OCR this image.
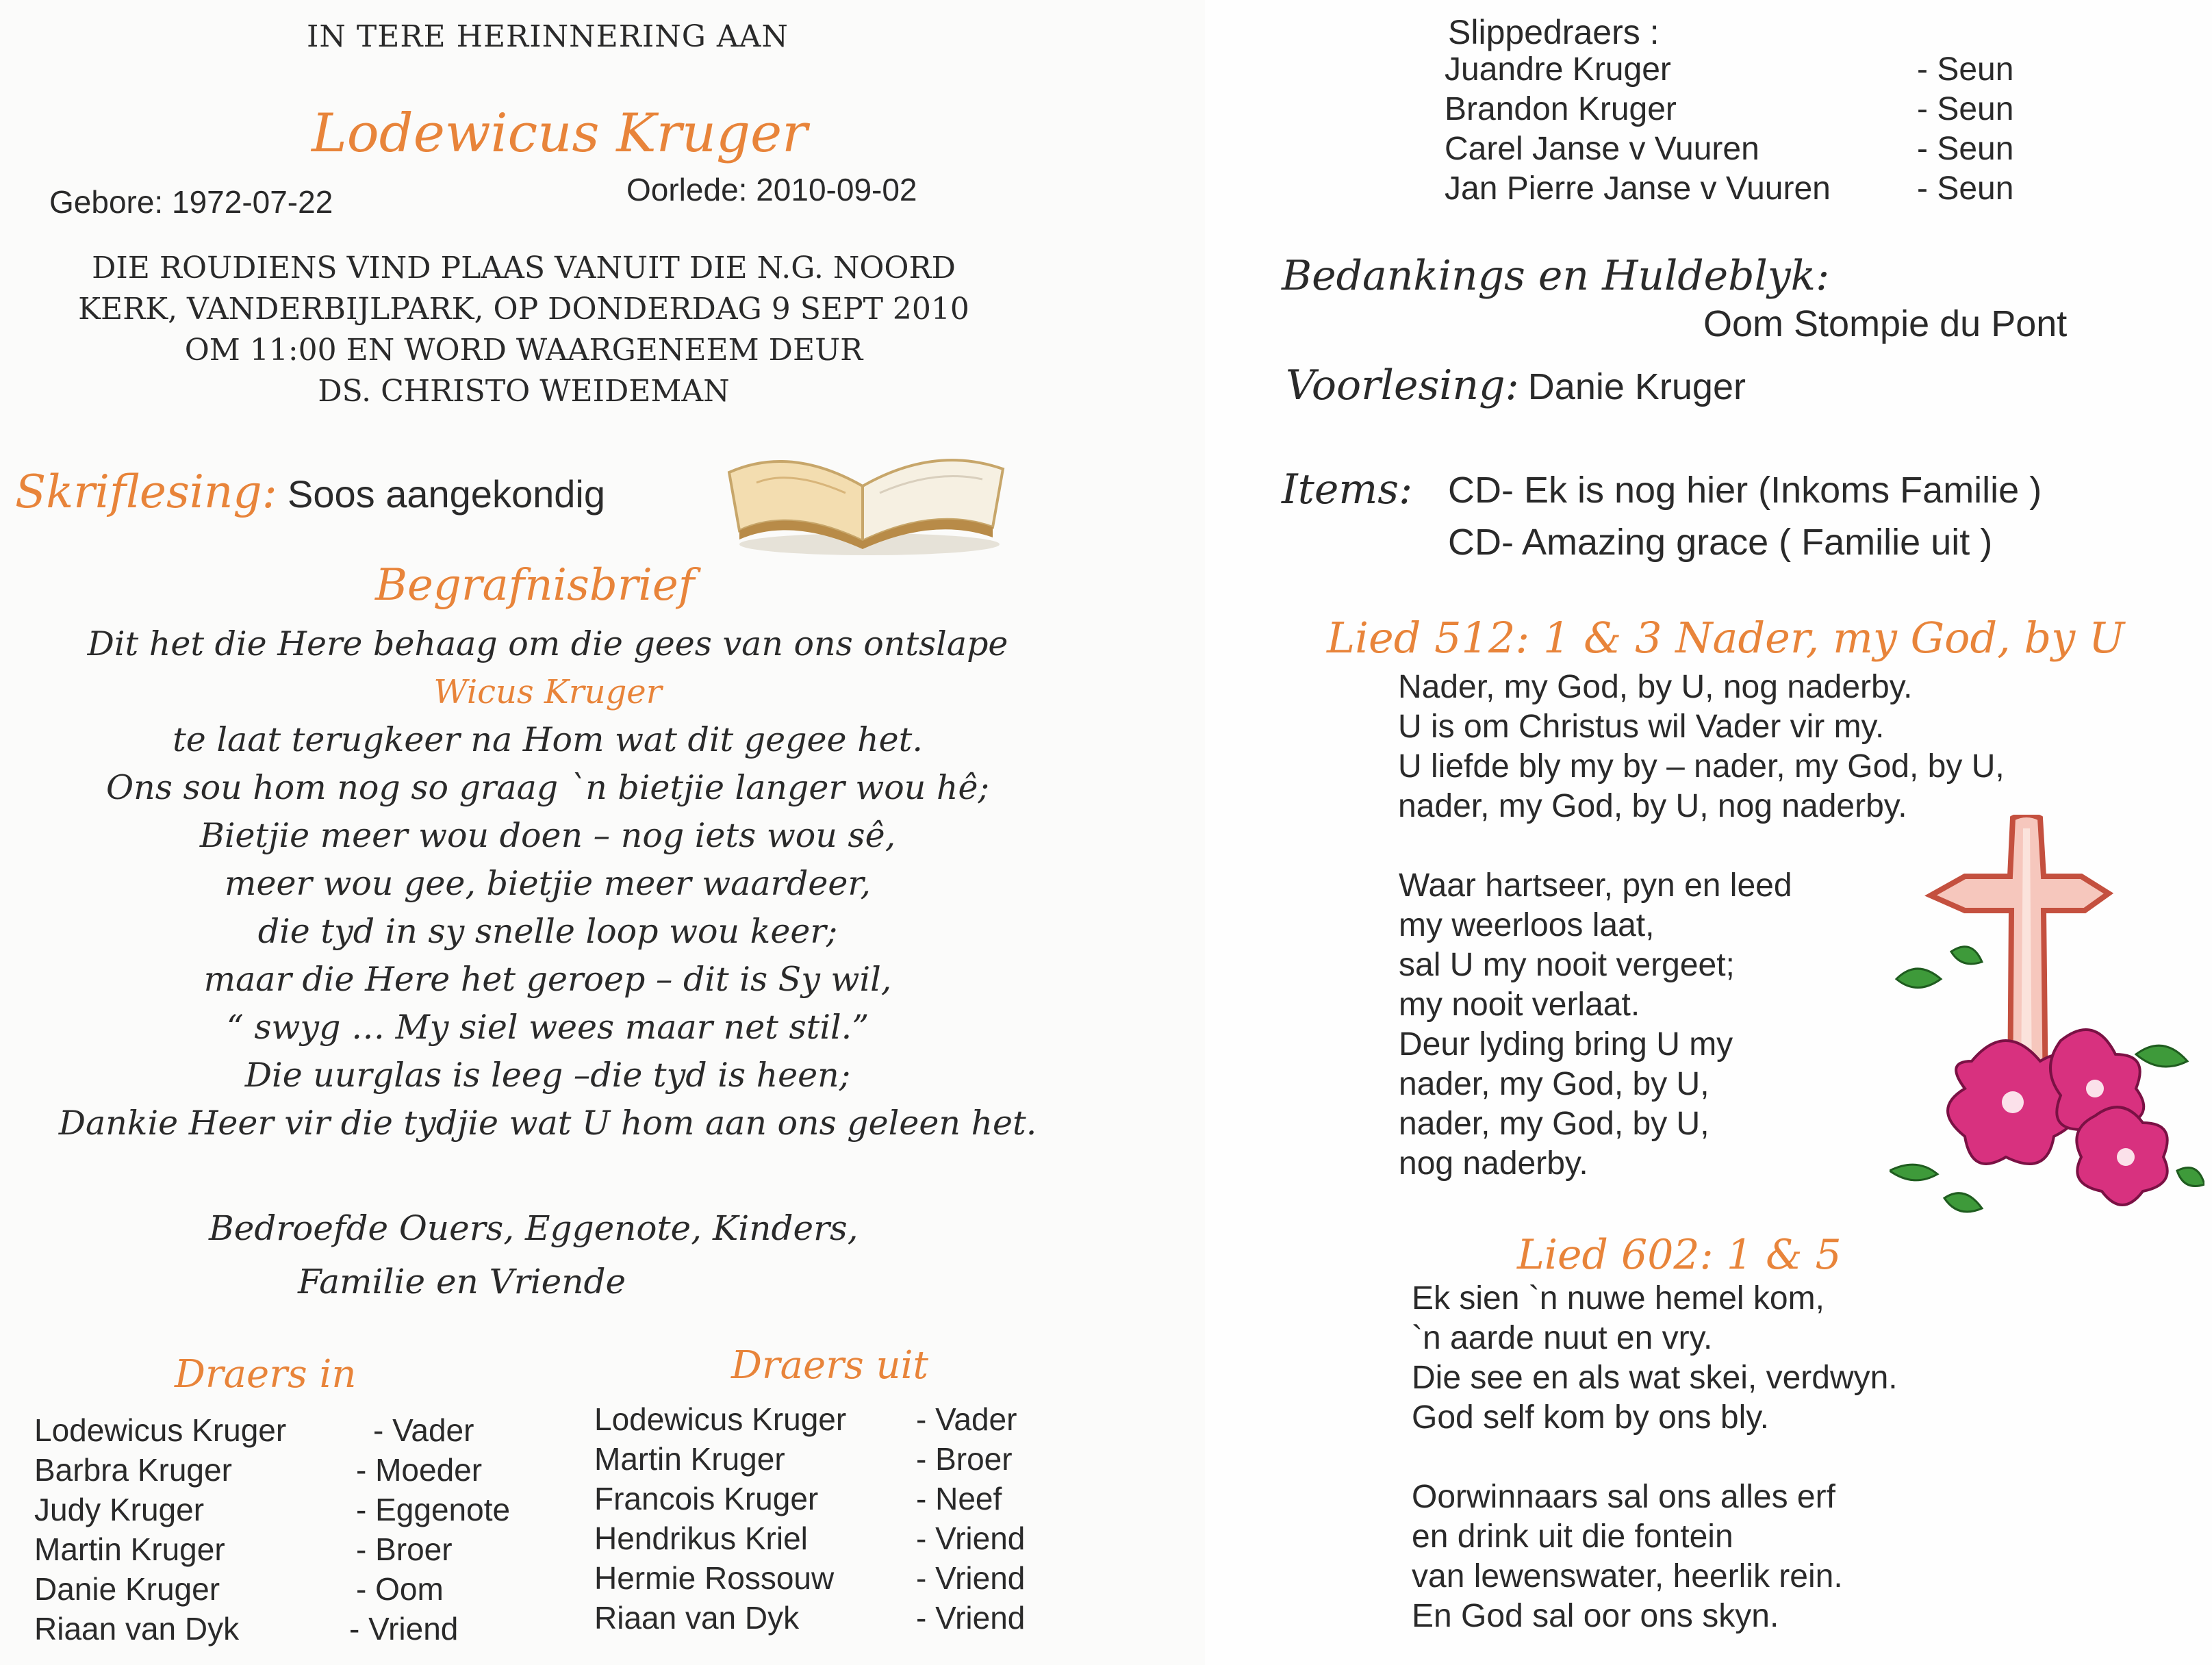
IN TERE HERINNERING AAN
Lodewicus Kruger
Gebore: 1972-07-22	Oorlede: 2010-09-02
DIE ROUDIENS VIND PLAAS VANUIT DIE N.G. NOORD
KERK, VANDERBIJLPARK, OP DONDERDAG 9 SEPT 2010
OM 11:00 EN WORD WAARGENEEM DEUR
DS. CHRISTO WEIDEMAN
Skriflesing: Soos aangekondig
Begrafnisbrief
Dit het die Here behaag om die gees van ons ontslape
Wicus Kruger
te laat terugkeer na Hom wat dit gegee het.
Ons sou hom nog so graag `n bietjie langer wou hê;
Bietjie meer wou doen – nog iets wou sê,
meer wou gee, bietjie meer waardeer,
die tyd in sy snelle loop wou keer;
maar die Here het geroep – dit is Sy wil,
“ swyg … My siel wees maar net stil.”
Die uurglas is leeg –die tyd is heen;
Dankie Heer vir die tydjie wat U hom aan ons geleen het.
Bedroefde Ouers, Eggenote, Kinders,
Familie en Vriende
Draers in
Lodewicus Kruger	- Vader
Barbra Kruger	- Moeder
Judy Kruger	- Eggenote
Martin Kruger	- Broer
Danie Kruger	- Oom
Riaan van Dyk	- Vriend
Draers uit
Lodewicus Kruger - Vader
Martin Kruger	- Broer
Francois Kruger	- Neef
Hendrikus Kriel	- Vriend
Hermie Rossouw	- Vriend
Riaan van Dyk	- Vriend
Slippedraers :
Juandre Kruger	- Seun
Brandon Kruger	- Seun
Carel Janse v Vuuren	- Seun
Jan Pierre Janse v Vuuren	- Seun
Bedankings en Huldeblyk:
Oom Stompie du Pont
Voorlesing: Danie Kruger
Items: CD- Ek is nog hier (Inkoms Familie )
CD- Amazing grace ( Familie uit )
Lied 512: 1 & 3 Nader, my God, by U
Nader, my God, by U, nog naderby.
U is om Christus wil Vader vir my.
U liefde bly my by – nader, my God, by U,
nader, my God, by U, nog naderby.
Waar hartseer, pyn en leed
my weerloos laat,
sal U my nooit vergeet;
my nooit verlaat.
Deur lyding bring U my
nader, my God, by U,
nader, my God, by U,
nog naderby.
Lied 602: 1 & 5
Ek sien `n nuwe hemel kom,
`n aarde nuut en vry.
Die see en als wat skei, verdwyn.
God self kom by ons bly.
Oorwinnaars sal ons alles erf
en drink uit die fontein
van lewenswater, heerlik rein.
En God sal oor ons skyn.
